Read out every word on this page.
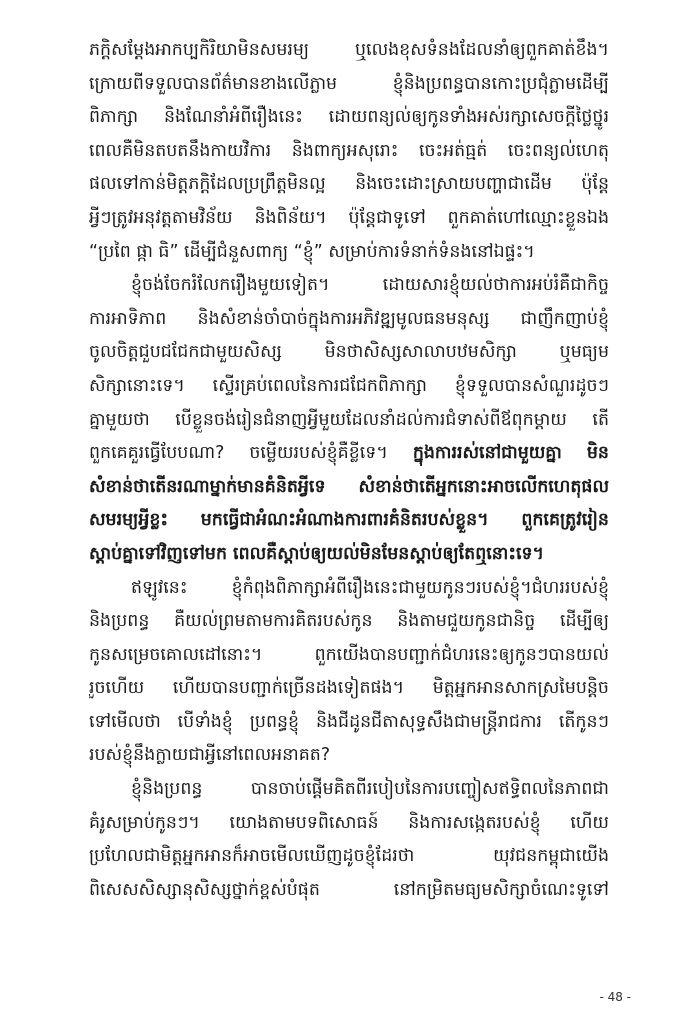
ភក្តិសម្តែងអាកប្បកិរិយាមិនសមរម្យ	ឬលេងខុសទំនងដែលនាំឲ្យពួកគាត់ខឹង។
ក្រោយពីទទួលបានព័ត៌មានខាងលើភ្លាម	ខ្ញុំនិងប្រពន្ធបានកោះប្រជុំភ្លាមដើម្បី
ពិភាក្សា និងណែនាំអំពីរឿងនេះ ដោយពន្យល់ឲ្យកូនទាំងអស់រក្សាសេចក្តីថ្លៃថ្នូរ
ពេលគឺមិនតបតនឹងកាយវិការ និងពាក្យអសុរោះ ចេះអត់ធ្មត់ ចេះពន្យល់ហេតុ
ផលទៅកាន់មិត្តភក្តិដែលប្រព្រឹត្តមិនល្អ និងចេះដោះស្រាយបញ្ហាជាដើម ប៉ុន្តែ
អ្វីៗត្រូវអនុវត្តតាមវិន័យ និងពិន័យ។ ប៉ុន្តែជាទូទៅ ពួកគាត់ហៅឈ្មោះខ្លួនឯង
“ប្រពៃ ផ្កា ធិ” ដើម្បីជំនួសពាក្យ “ខ្ញុំ” សម្រាប់ការទំនាក់ទំនងនៅឯផ្ទះ។
ខ្ញុំចង់ចែករំលែករឿងមួយទៀត។	ដោយសារខ្ញុំយល់ថាការអប់រំគឺជាកិច្ច
ការអាទិភាព និងសំខាន់ចាំបាច់ក្នុងការអភិវឌ្ឍមូលធនមនុស្ស ជាញឹកញាប់ខ្ញុំ
ចូលចិត្តជួបជជែកជាមួយសិស្ស មិនថាសិស្សសាលាបឋមសិក្សា ឬមធ្យម
សិក្សានោះទេ។ ស្ទើរគ្រប់ពេលនៃការជជែកពិភាក្សា ខ្ញុំទទួលបានសំណួរដូចៗ
គ្នាមួយថា បើខ្លួនចង់រៀនជំនាញអ្វីមួយដែលនាំដល់ការជំទាស់ពីឪពុកម្តាយ តើ
ពួកគេគួរធ្វើបែបណា? ចម្លើយរបស់ខ្ញុំគឺខ្លីទេ។ ក្នុងការរស់នៅជាមួយគ្នា មិន
សំខាន់ថាតើនរណាម្នាក់មានគំនិតអ្វីទេ សំខាន់ថាតើអ្នកនោះអាចលើកហេតុផល
សមរម្យអ្វីខ្លះ មកធ្វើជាអំណះអំណាងការពារគំនិតរបស់ខ្លួន។ ពួកគេត្រូវរៀន
ស្តាប់គ្នាទៅវិញទៅមក ពេលគឺស្តាប់ឲ្យយល់មិនមែនស្តាប់ឲ្យតែឮនោះទេ។
ឥឡូវនេះ	ខ្ញុំកំពុងពិភាក្សាអំពីរឿងនេះជាមួយកូនៗរបស់ខ្ញុំ។ជំហររបស់ខ្ញុំ
និងប្រពន្ធ គឺយល់ព្រមតាមការគិតរបស់កូន និងតាមជួយកូនជានិច្ច ដើម្បីឲ្យ
កូនសម្រេចគោលដៅនោះ។	ពួកយើងបានបញ្ជាក់ជំហរនេះឲ្យកូនៗបានយល់
រួចហើយ ហើយបានបញ្ជាក់ច្រើនដងទៀតផង។ មិត្តអ្នកអានសាកស្រមៃបន្តិច
ទៅមើលថា បើទាំងខ្ញុំ ប្រពន្ធខ្ញុំ និងជីដូនជីតាសុទ្ធសឹងជាមន្ត្រីរាជការ តើកូនៗ
របស់ខ្ញុំនឹងក្លាយជាអ្វីនៅពេលអនាគត?
ខ្ញុំនិងប្រពន្ធ	បានចាប់ផ្តើមគិតពីរបៀបនៃការបញ្ចៀសឥទ្ធិពលនៃភាពជា
គំរូសម្រាប់កូនៗ។ យោងតាមបទពិសោធន៍ និងការសង្កេតរបស់ខ្ញុំ ហើយ
ប្រហែលជាមិត្តអ្នកអានក៏អាចមើលឃើញដូចខ្ញុំដែរថា	យុវជនកម្ពុជាយើង
ពិសេសសិស្សានុសិស្សថ្នាក់ខ្ពស់បំផុត	នៅកម្រិតមធ្យមសិក្សាចំណេះទូទៅ
- 48 -
